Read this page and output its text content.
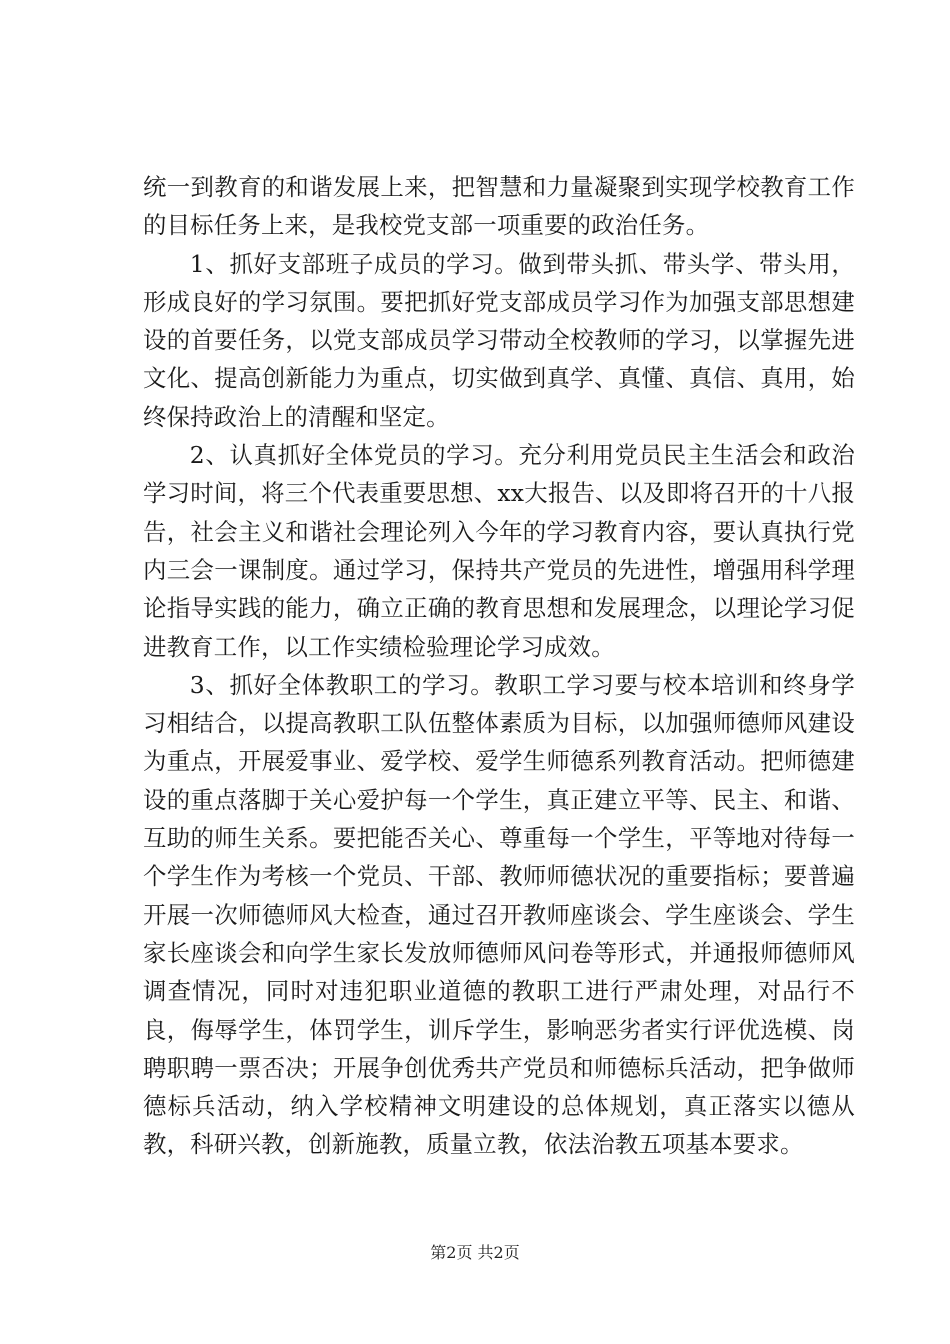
统一到教育的和谐发展上来，把智慧和力量凝聚到实现学校教育工作的目标任务上来，是我校党支部一项重要的政治任务。

1、抓好支部班子成员的学习。做到带头抓、带头学、带头用，形成良好的学习氛围。要把抓好党支部成员学习作为加强支部思想建设的首要任务，以党支部成员学习带动全校教师的学习，以掌握先进文化、提高创新能力为重点，切实做到真学、真懂、真信、真用，始终保持政治上的清醒和坚定。

2、认真抓好全体党员的学习。充分利用党员民主生活会和政治学习时间，将三个代表重要思想、xx大报告、以及即将召开的十八报告，社会主义和谐社会理论列入今年的学习教育内容，要认真执行党内三会一课制度。通过学习，保持共产党员的先进性，增强用科学理论指导实践的能力，确立正确的教育思想和发展理念，以理论学习促进教育工作，以工作实绩检验理论学习成效。

3、抓好全体教职工的学习。教职工学习要与校本培训和终身学习相结合，以提高教职工队伍整体素质为目标，以加强师德师风建设为重点，开展爱事业、爱学校、爱学生师德系列教育活动。把师德建设的重点落脚于关心爱护每一个学生，真正建立平等、民主、和谐、互助的师生关系。要把能否关心、尊重每一个学生，平等地对待每一个学生作为考核一个党员、干部、教师师德状况的重要指标；要普遍开展一次师德师风大检查，通过召开教师座谈会、学生座谈会、学生家长座谈会和向学生家长发放师德师风问卷等形式，并通报师德师风调查情况，同时对违犯职业道德的教职工进行严肃处理，对品行不良，侮辱学生，体罚学生，训斥学生，影响恶劣者实行评优选模、岗聘职聘一票否决；开展争创优秀共产党员和师德标兵活动，把争做师德标兵活动，纳入学校精神文明建设的总体规划，真正落实以德从教，科研兴教，创新施教，质量立教，依法治教五项基本要求。

第2页 共2页
